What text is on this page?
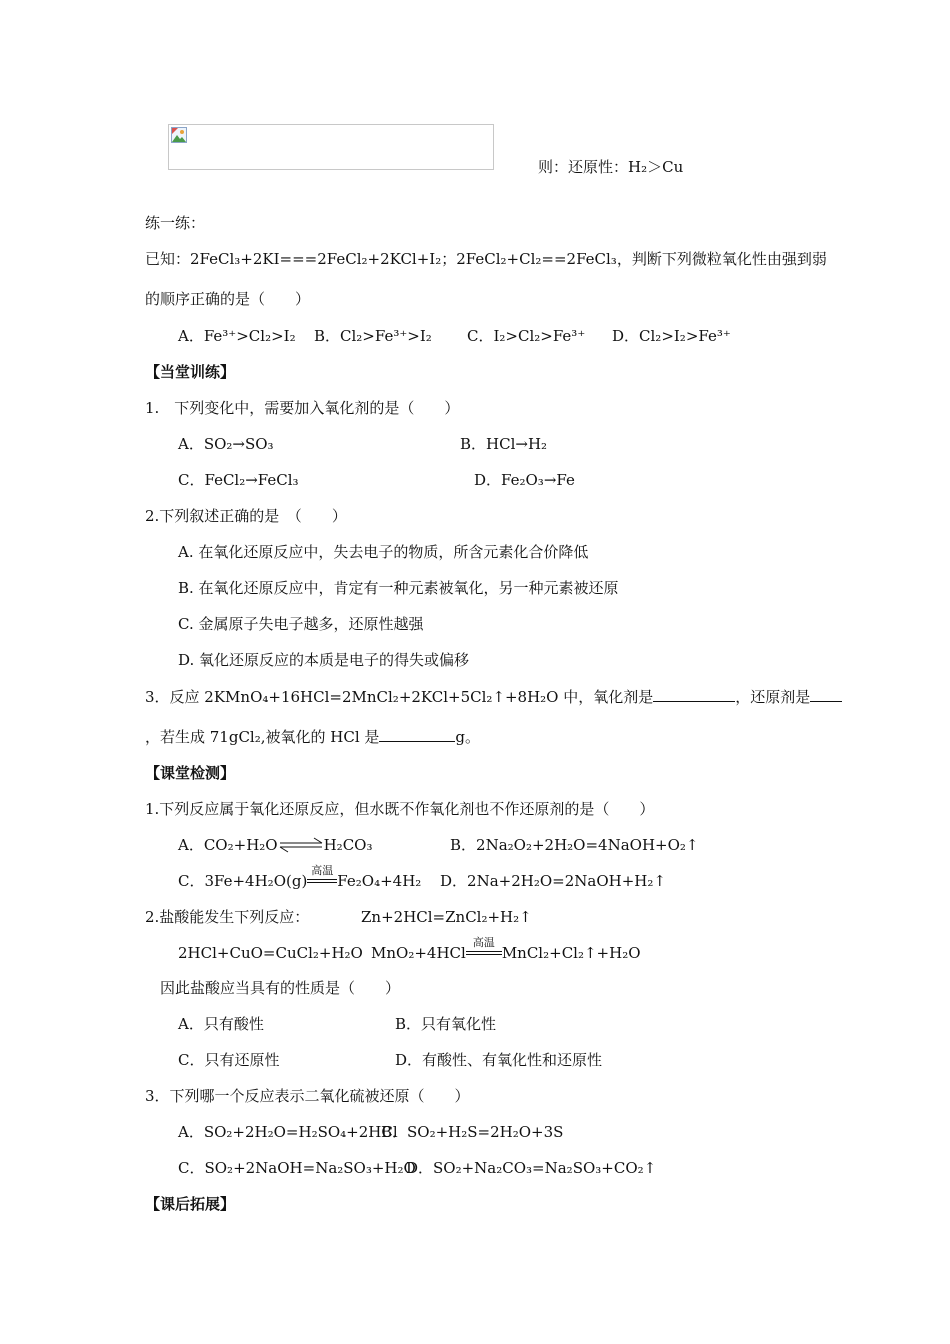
则：还原性：H₂＞Cu
练一练：
已知：2FeCl₃+2KI===2FeCl₂+2KCl+I₂；2FeCl₂+Cl₂==2FeCl₃，判断下列微粒氧化性由强到弱
的顺序正确的是（　　）
A．Fe³⁺>Cl₂>I₂ B．Cl₂>Fe³⁺>I₂ C．I₂>Cl₂>Fe³⁺ D．Cl₂>I₂>Fe³⁺
【当堂训练】
1.　下列变化中，需要加入氧化剂的是（　　）
A．SO₂→SO₃	B．HCl→H₂
C．FeCl₂→FeCl₃	D．Fe₂O₃→Fe
2.下列叙述正确的是　（　　）
A. 在氧化还原反应中，失去电子的物质，所含元素化合价降低
B. 在氧化还原反应中，肯定有一种元素被氧化，另一种元素被还原
C. 金属原子失电子越多，还原性越强
D. 氧化还原反应的本质是电子的得失或偏移
3．反应 2KMnO₄+16HCl=2MnCl₂+2KCl+5Cl₂↑+8H₂O 中，氧化剂是	，还原剂是
，若生成 71gCl₂,被氧化的 HCl 是	g。
【课堂检测】
1.下列反应属于氧化还原反应，但水既不作氧化剂也不作还原剂的是（　　）
A．CO₂+H₂O⇌H₂CO₃	B．2Na₂O₂+2H₂O=4NaOH+O₂↑
C．3Fe+4H₂O(g)
高温
Fe₂O₄+4H₂ D．2Na+2H₂O=2NaOH+H₂↑
2.盐酸能发生下列反应：	Zn+2HCl=ZnCl₂+H₂↑
2HCl+CuO=CuCl₂+H₂O MnO₂+4HCl
高温
MnCl₂+Cl₂↑+H₂O
因此盐酸应当具有的性质是（　　）
A．只有酸性	B．只有氧化性
C．只有还原性	D．有酸性、有氧化性和还原性
3．下列哪一个反应表示二氧化硫被还原（　　）
A．SO₂+2H₂O=H₂SO₄+2HCl
B．SO₂+H₂S=2H₂O+3S
C．SO₂+2NaOH=Na₂SO₃+H₂O
D．SO₂+Na₂CO₃=Na₂SO₃+CO₂↑
【课后拓展】
